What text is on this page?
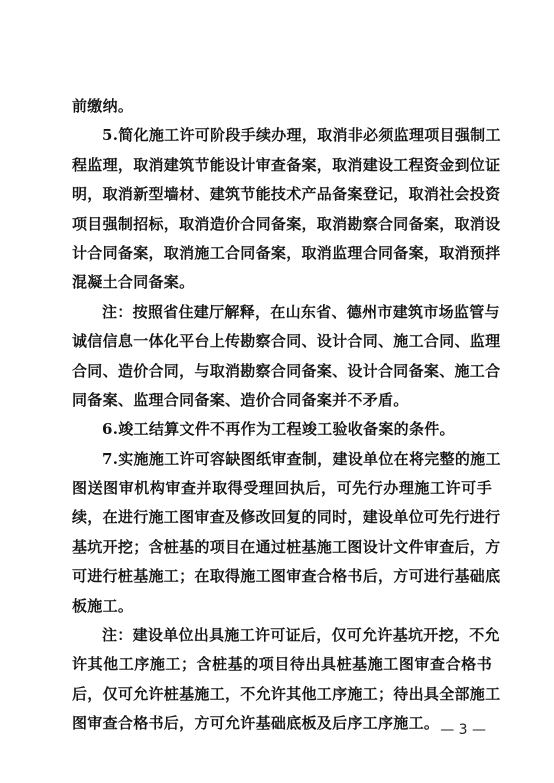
前缴纳。
5.简化施工许可阶段手续办理，取消非必须监理项目强制工
程监理，取消建筑节能设计审查备案，取消建设工程资金到位证
明，取消新型墙材、建筑节能技术产品备案登记，取消社会投资
项目强制招标，取消造价合同备案，取消勘察合同备案，取消设
计合同备案，取消施工合同备案，取消监理合同备案，取消预拌
混凝土合同备案。
注：按照省住建厅解释，在山东省、德州市建筑市场监管与
诚信信息一体化平台上传勘察合同、设计合同、施工合同、监理
合同、造价合同，与取消勘察合同备案、设计合同备案、施工合
同备案、监理合同备案、造价合同备案并不矛盾。
6.竣工结算文件不再作为工程竣工验收备案的条件。
7.实施施工许可容缺图纸审查制，建设单位在将完整的施工
图送图审机构审查并取得受理回执后，可先行办理施工许可手
续，在进行施工图审查及修改回复的同时，建设单位可先行进行
基坑开挖；含桩基的项目在通过桩基施工图设计文件审查后，方
可进行桩基施工；在取得施工图审查合格书后，方可进行基础底
板施工。
注：建设单位出具施工许可证后，仅可允许基坑开挖，不允
许其他工序施工；含桩基的项目待出具桩基施工图审查合格书
后，仅可允许桩基施工，不允许其他工序施工；待出具全部施工
图审查合格书后，方可允许基础底板及后序工序施工。 — 3 —
